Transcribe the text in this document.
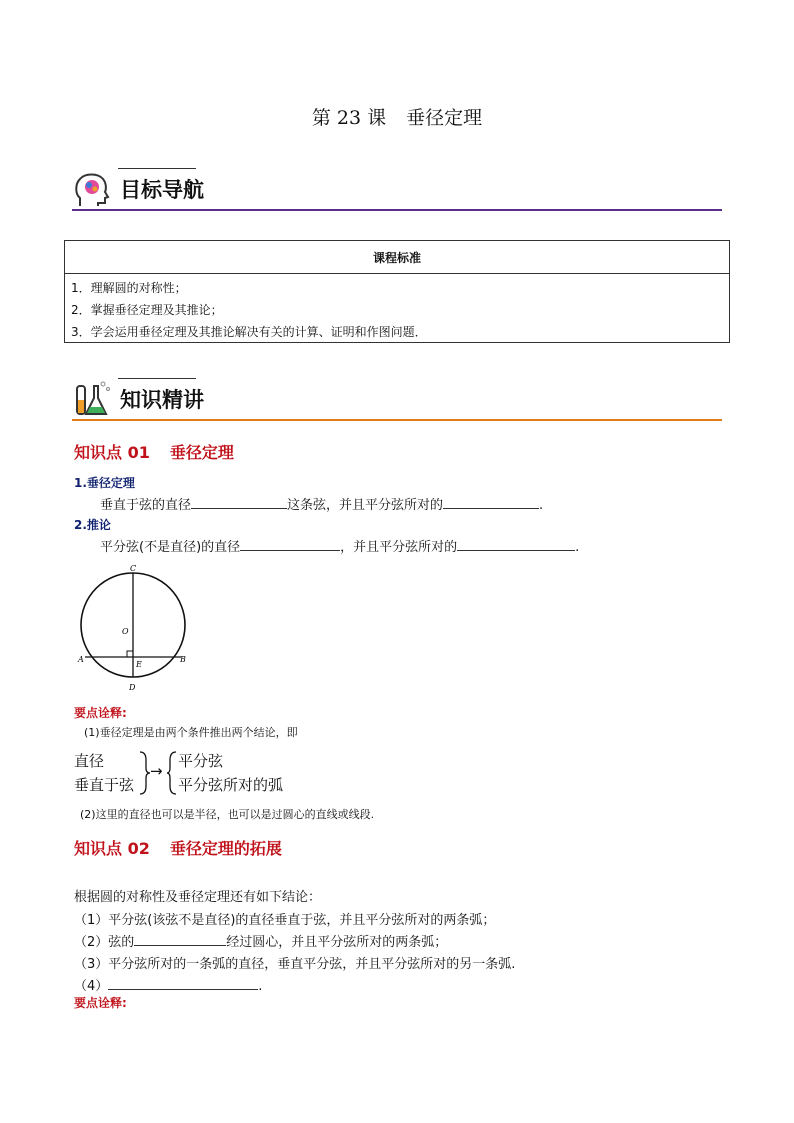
第 23 课 垂径定理
目标导航
课程标准
1．理解圆的对称性；
2．掌握垂径定理及其推论；
3．学会运用垂径定理及其推论解决有关的计算、证明和作图问题．
知识精讲
知识点 01 垂径定理
1.垂径定理
垂直于弦的直径	这条弦，并且平分弦所对的	.
2.推论
平分弦(不是直径)的直径	，并且平分弦所对的	.
C
O
A
E
B
D
要点诠释:
(1)垂径定理是由两个条件推出两个结论，即
直径
垂直于弦
→
平分弦
平分弦所对的弧
(2)这里的直径也可以是半径，也可以是过圆心的直线或线段.
知识点 02 垂径定理的拓展
根据圆的对称性及垂径定理还有如下结论：
（1）平分弦(该弦不是直径)的直径垂直于弦，并且平分弦所对的两条弧；
（2）弦的	经过圆心，并且平分弦所对的两条弧；
（3）平分弦所对的一条弧的直径，垂直平分弦，并且平分弦所对的另一条弧.
（4）	.
要点诠释:
